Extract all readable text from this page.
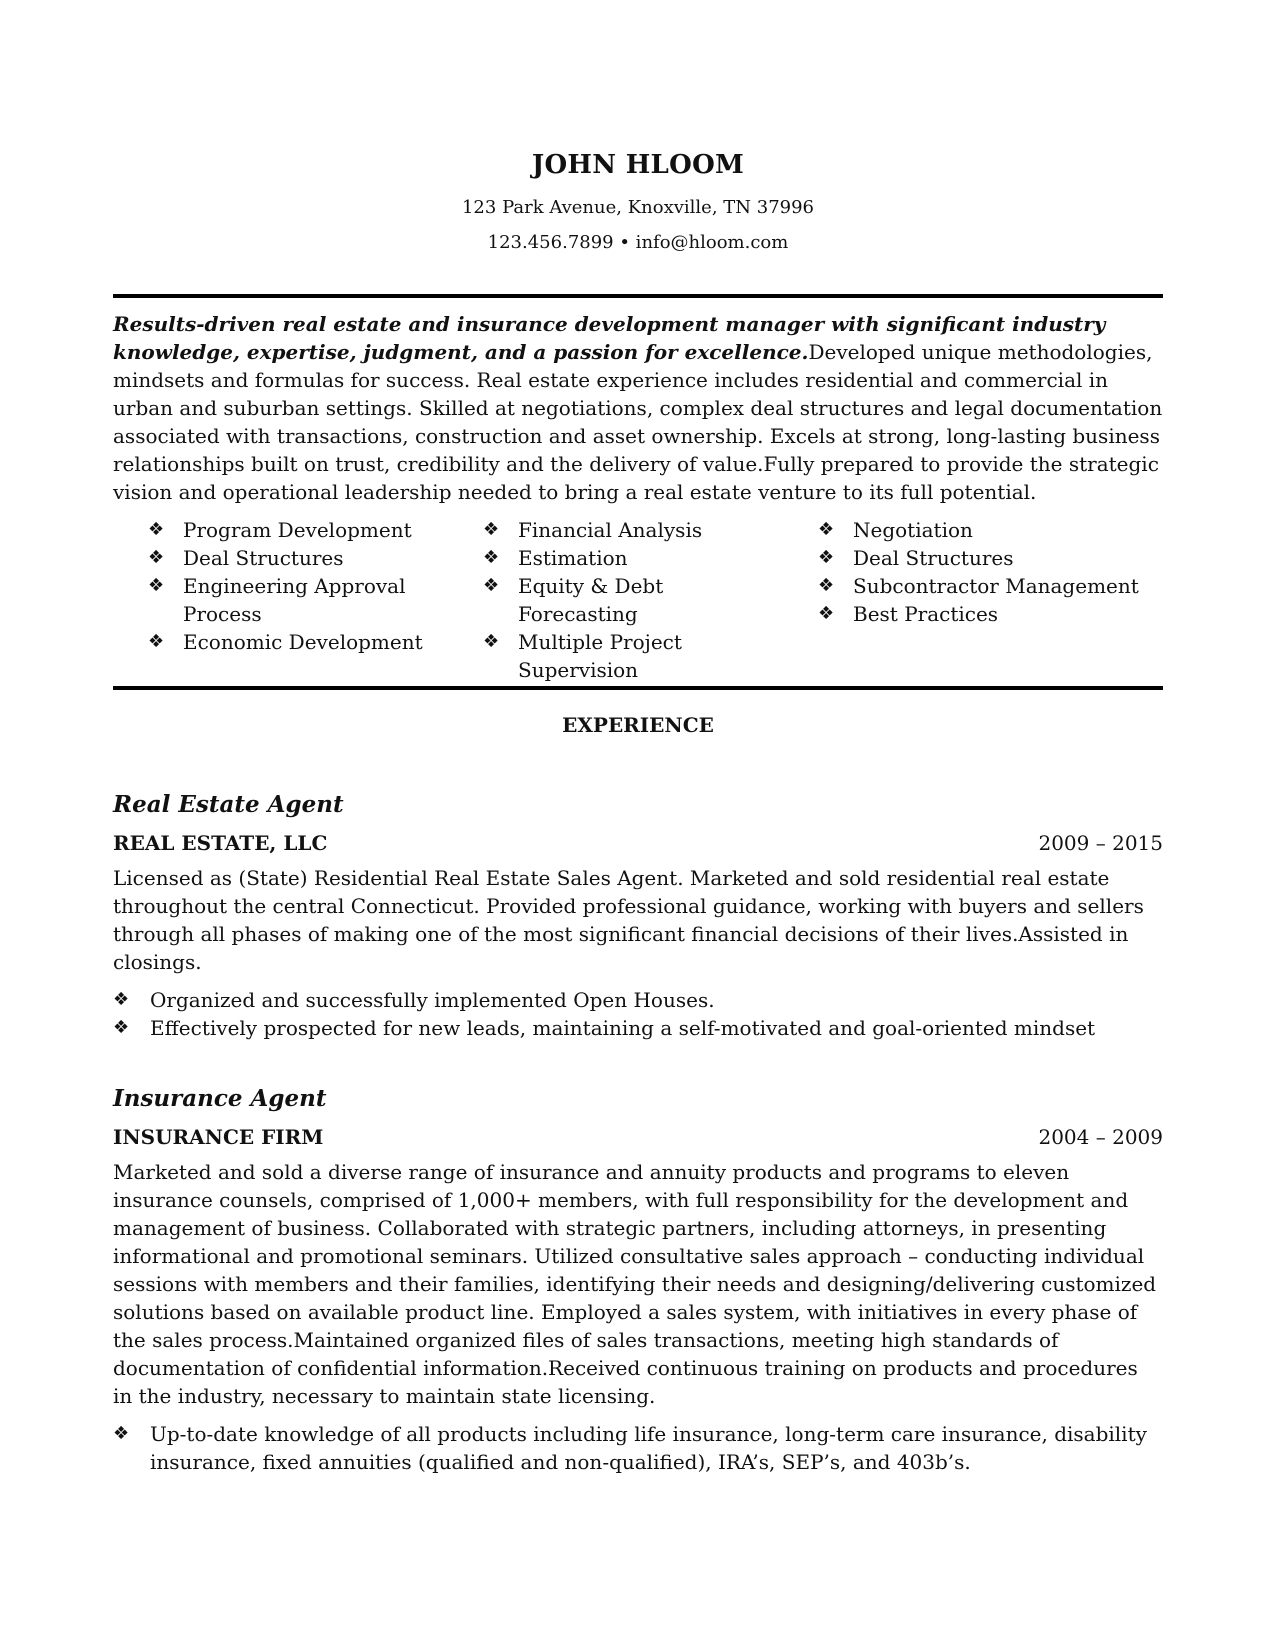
JOHN HLOOM
123 Park Avenue, Knoxville, TN 37996
123.456.7899 • info@hloom.com
Results-driven real estate and insurance development manager with significant industry knowledge, expertise, judgment, and a passion for excellence.Developed unique methodologies, mindsets and formulas for success. Real estate experience includes residential and commercial in urban and suburban settings. Skilled at negotiations, complex deal structures and legal documentation associated with transactions, construction and asset ownership. Excels at strong, long-lasting business relationships built on trust, credibility and the delivery of value.Fully prepared to provide the strategic vision and operational leadership needed to bring a real estate venture to its full potential.
❖ Program Development
❖ Deal Structures
❖ Engineering Approval Process
❖ Economic Development
❖ Financial Analysis
❖ Estimation
❖ Equity & Debt Forecasting
❖ Multiple Project Supervision
❖ Negotiation
❖ Deal Structures
❖ Subcontractor Management
❖ Best Practices
EXPERIENCE
Real Estate Agent
REAL ESTATE, LLC	2009 – 2015
Licensed as (State) Residential Real Estate Sales Agent. Marketed and sold residential real estate throughout the central Connecticut. Provided professional guidance, working with buyers and sellers through all phases of making one of the most significant financial decisions of their lives.Assisted in closings.
❖ Organized and successfully implemented Open Houses.
❖ Effectively prospected for new leads, maintaining a self-motivated and goal-oriented mindset
Insurance Agent
INSURANCE FIRM	2004 – 2009
Marketed and sold a diverse range of insurance and annuity products and programs to eleven insurance counsels, comprised of 1,000+ members, with full responsibility for the development and management of business. Collaborated with strategic partners, including attorneys, in presenting informational and promotional seminars. Utilized consultative sales approach – conducting individual sessions with members and their families, identifying their needs and designing/delivering customized solutions based on available product line. Employed a sales system, with initiatives in every phase of the sales process.Maintained organized files of sales transactions, meeting high standards of documentation of confidential information.Received continuous training on products and procedures in the industry, necessary to maintain state licensing.
❖ Up-to-date knowledge of all products including life insurance, long-term care insurance, disability insurance, fixed annuities (qualified and non-qualified), IRA’s, SEP’s, and 403b’s.
